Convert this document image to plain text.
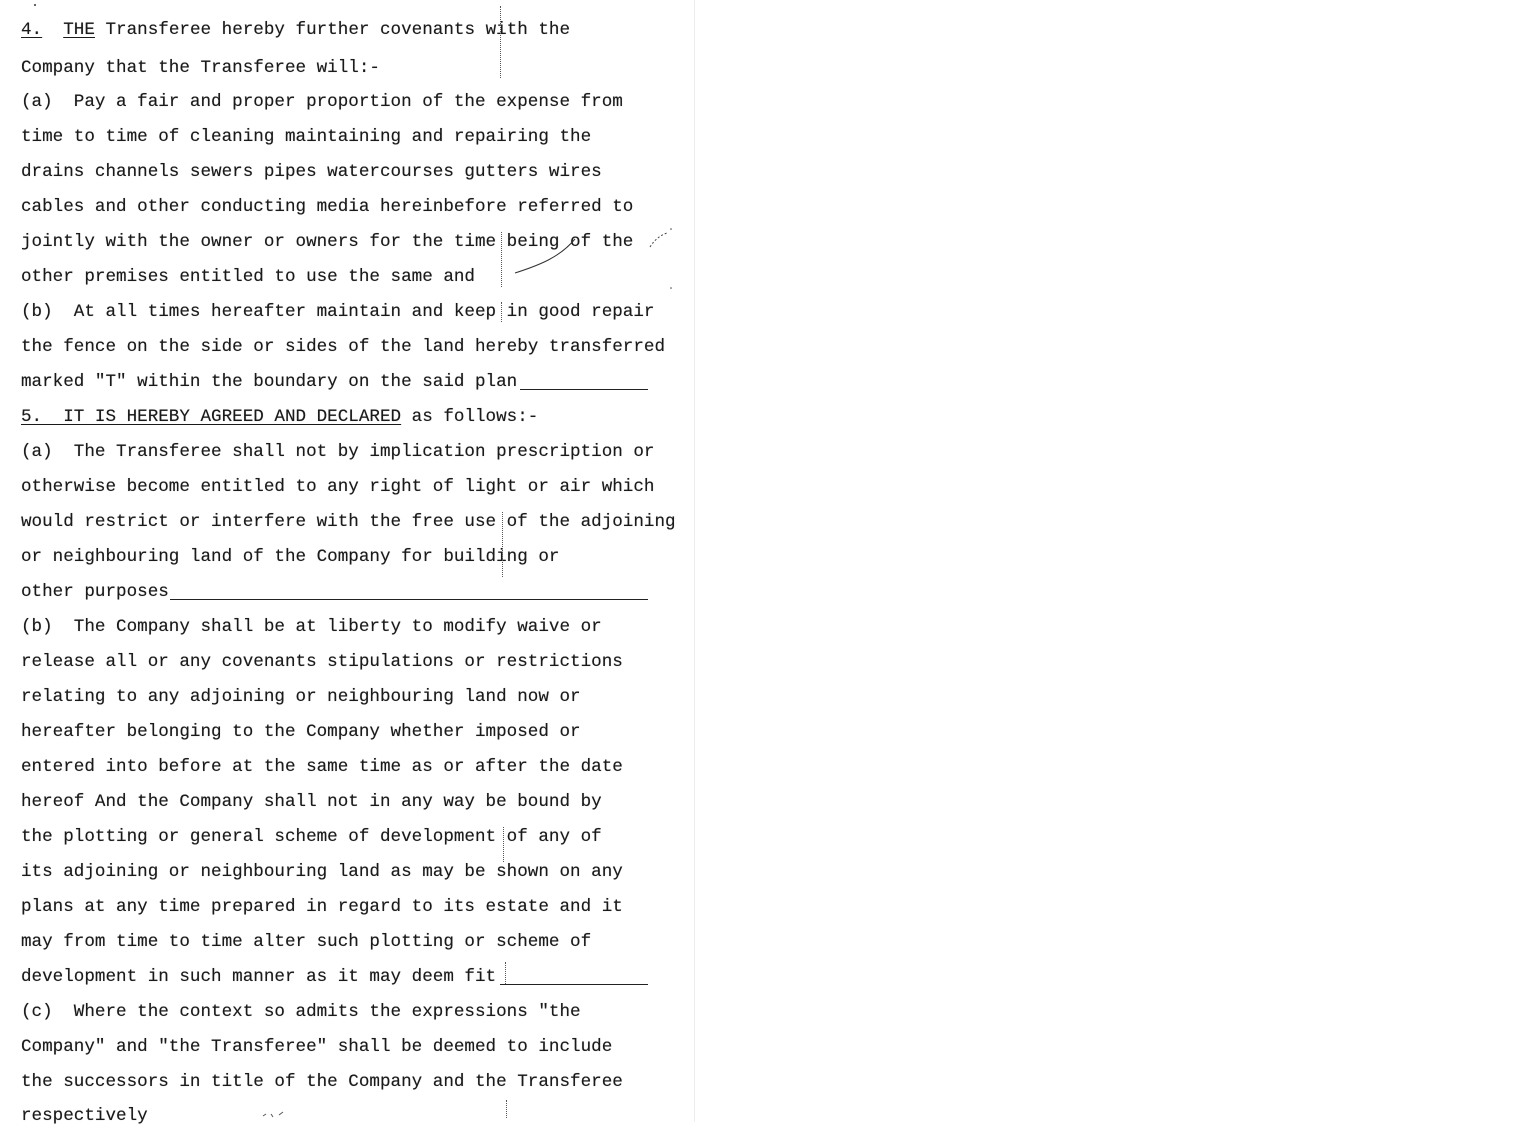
4. THE Transferee hereby further covenants with the
Company that the Transferee will:-
(a)  Pay a fair and proper proportion of the expense from
time to time of cleaning maintaining and repairing the
drains channels sewers pipes watercourses gutters wires
cables and other conducting media hereinbefore referred to
jointly with the owner or owners for the time being of the
other premises entitled to use the same and
(b)  At all times hereafter maintain and keep in good repair
the fence on the side or sides of the land hereby transferred
marked "T" within the boundary on the said plan
5.  IT IS HEREBY AGREED AND DECLARED as follows:-
(a)  The Transferee shall not by implication prescription or
otherwise become entitled to any right of light or air which
would restrict or interfere with the free use of the adjoining
or neighbouring land of the Company for building or
other purposes
(b)  The Company shall be at liberty to modify waive or
release all or any covenants stipulations or restrictions
relating to any adjoining or neighbouring land now or
hereafter belonging to the Company whether imposed or
entered into before at the same time as or after the date
hereof And the Company shall not in any way be bound by
the plotting or general scheme of development of any of
its adjoining or neighbouring land as may be shown on any
plans at any time prepared in regard to its estate and it
may from time to time alter such plotting or scheme of
development in such manner as it may deem fit
(c)  Where the context so admits the expressions "the
Company" and "the Transferee" shall be deemed to include
the successors in title of the Company and the Transferee
respectively
